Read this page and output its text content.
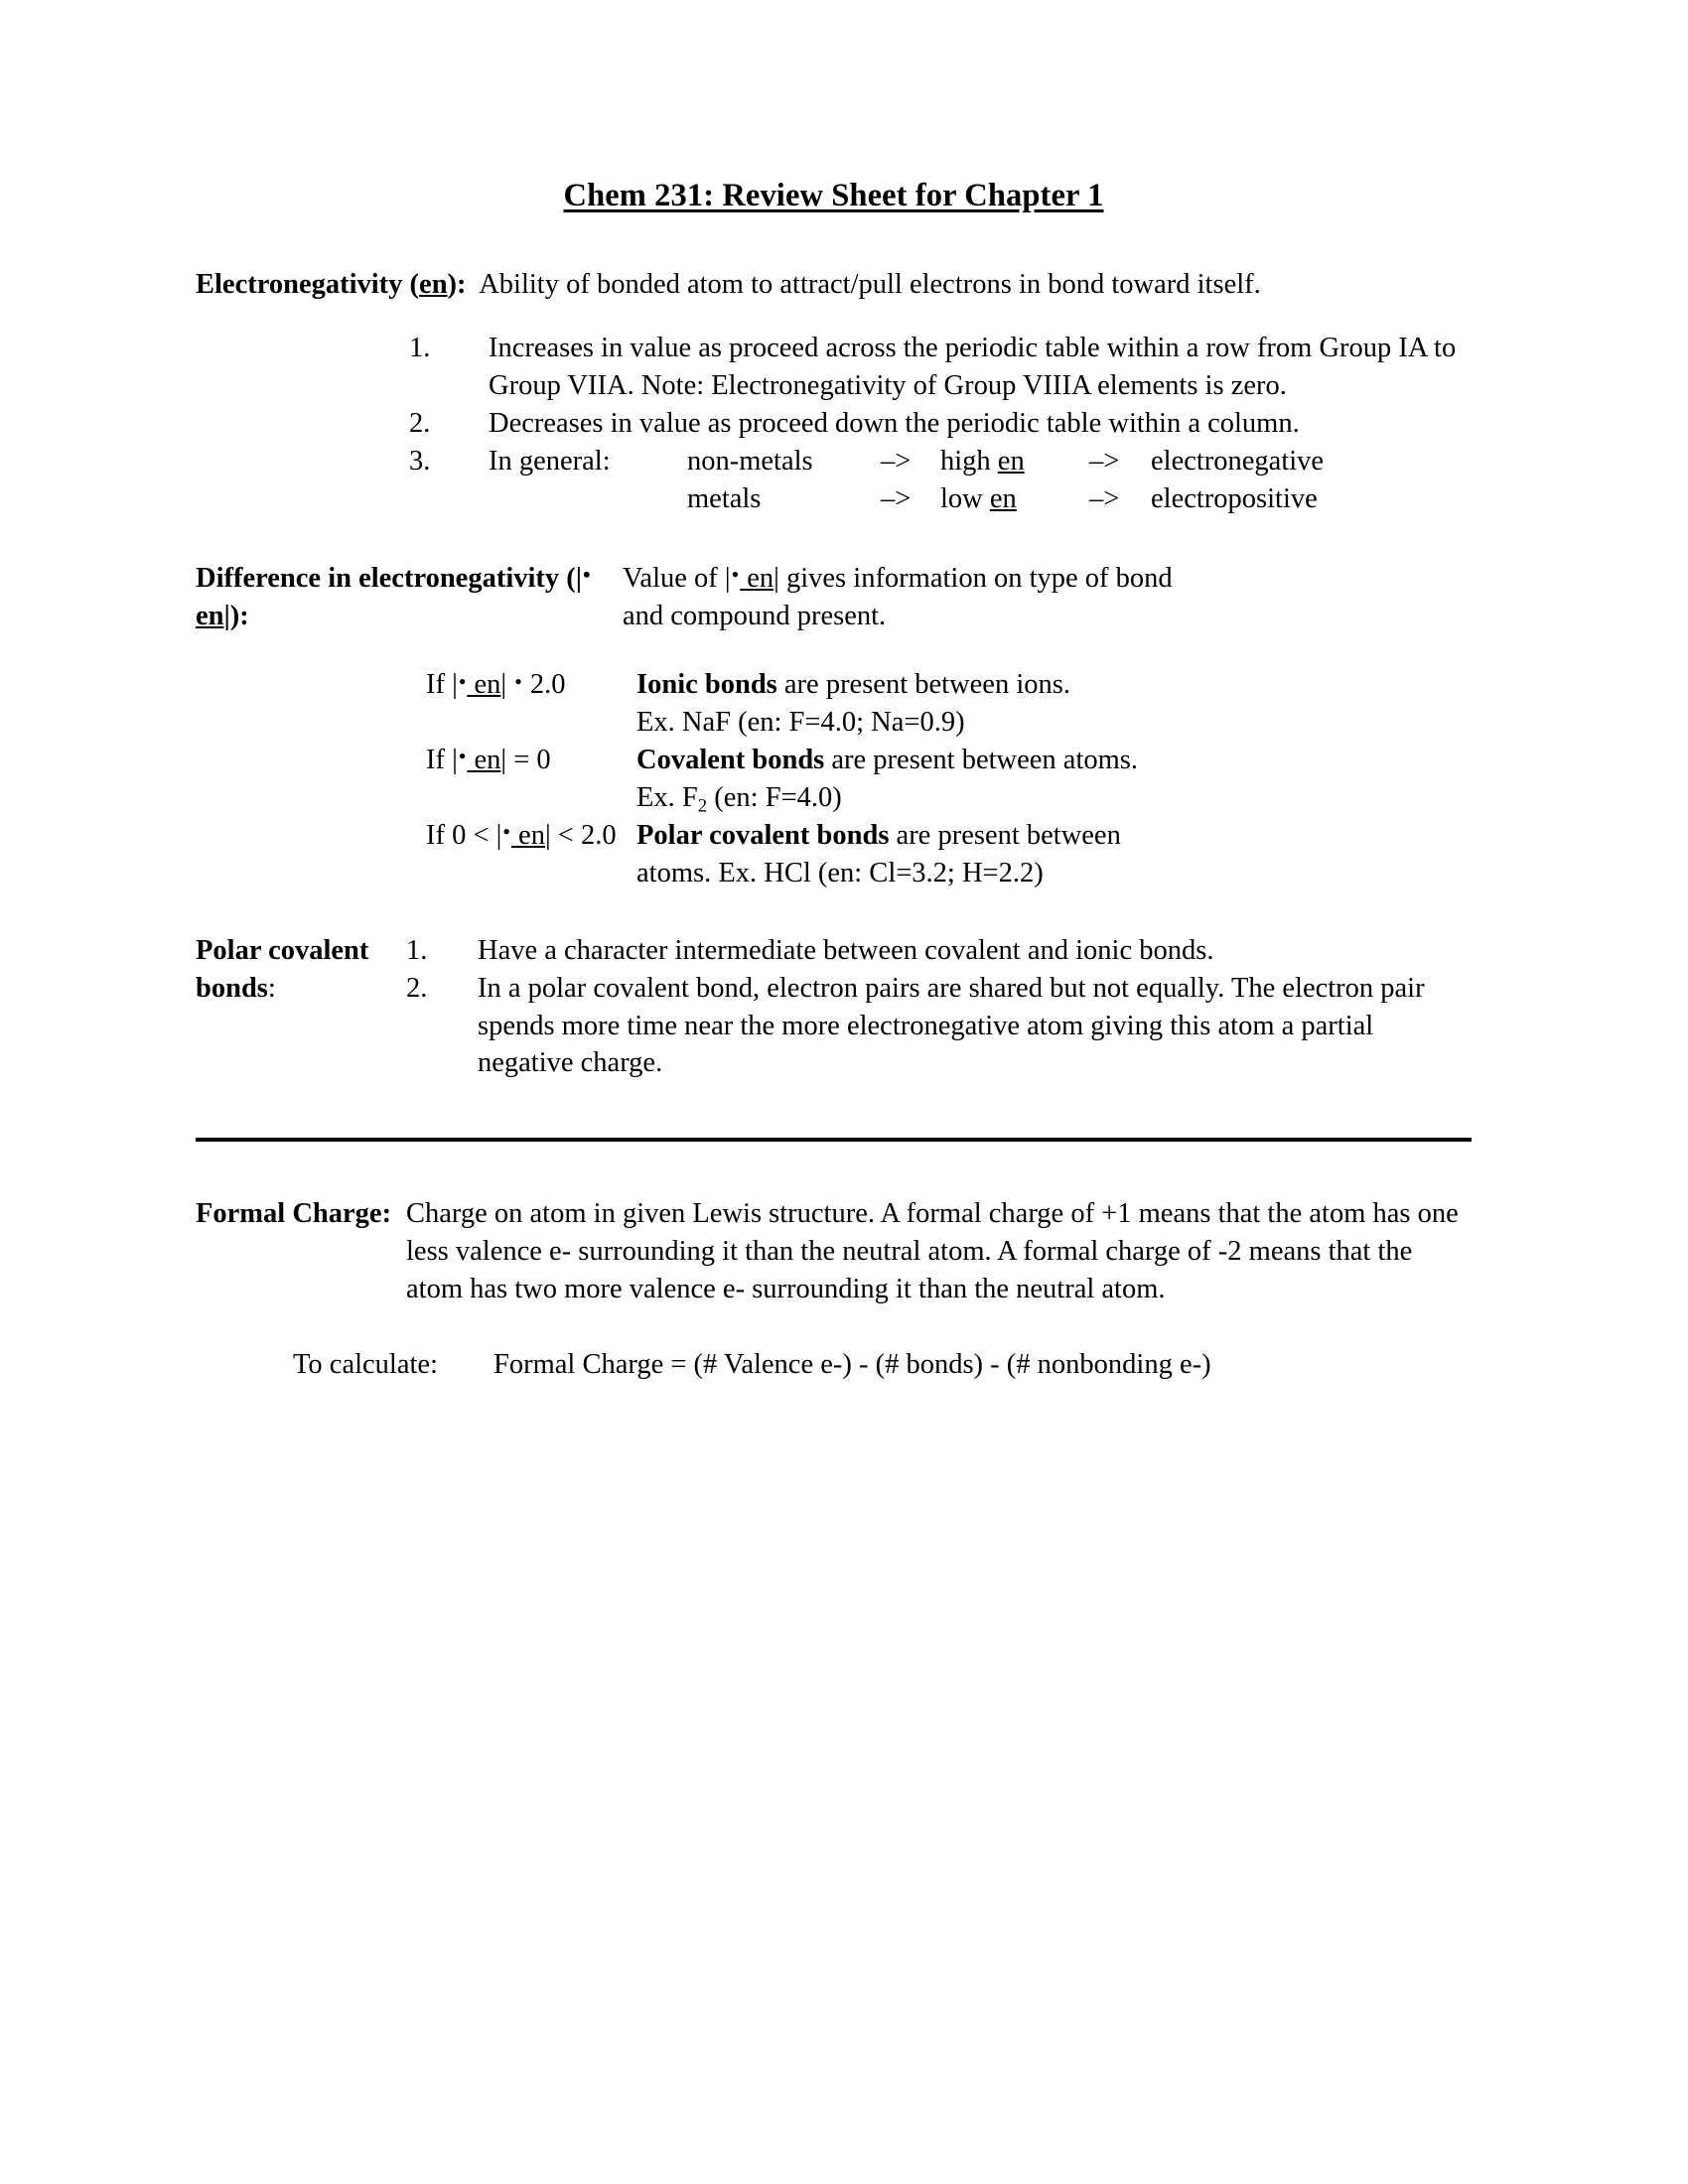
Chem 231: Review Sheet for Chapter 1
Electronegativity (en): Ability of bonded atom to attract/pull electrons in bond toward itself.
1.	Increases in value as proceed across the periodic table within a row from Group IA to Group VIIA. Note: Electronegativity of Group VIIIA elements is zero.
2.	Decreases in value as proceed down the periodic table within a column.
3.	In general:	non-metals	–>	high en	–>	electronegative
metals	–>	low en	–>	electropositive
Difference in electronegativity (|• en|):
Value of |• en| gives information on type of bond
and compound present.
If |• en| • 2.0	Ionic bonds are present between ions.
Ex. NaF (en: F=4.0; Na=0.9)
If |• en| = 0	Covalent bonds are present between atoms.
Ex. $F_2$ (en: F=4.0)
If 0 < |• en| < 2.0 Polar covalent bonds are present between
atoms. Ex. HCl (en: Cl=3.2; H=2.2)
Polar covalent bonds:
1.	Have a character intermediate between covalent and ionic bonds.
2.	In a polar covalent bond, electron pairs are shared but not equally. The electron pair spends more time near the more electronegative atom giving this atom a partial negative charge.
Formal Charge: Charge on atom in given Lewis structure. A formal charge of +1 means that the atom has one less valence e- surrounding it than the neutral atom. A formal charge of -2 means that the atom has two more valence e- surrounding it than the neutral atom.
To calculate:	Formal Charge = (# Valence e-) - (# bonds) - (# nonbonding e-)
